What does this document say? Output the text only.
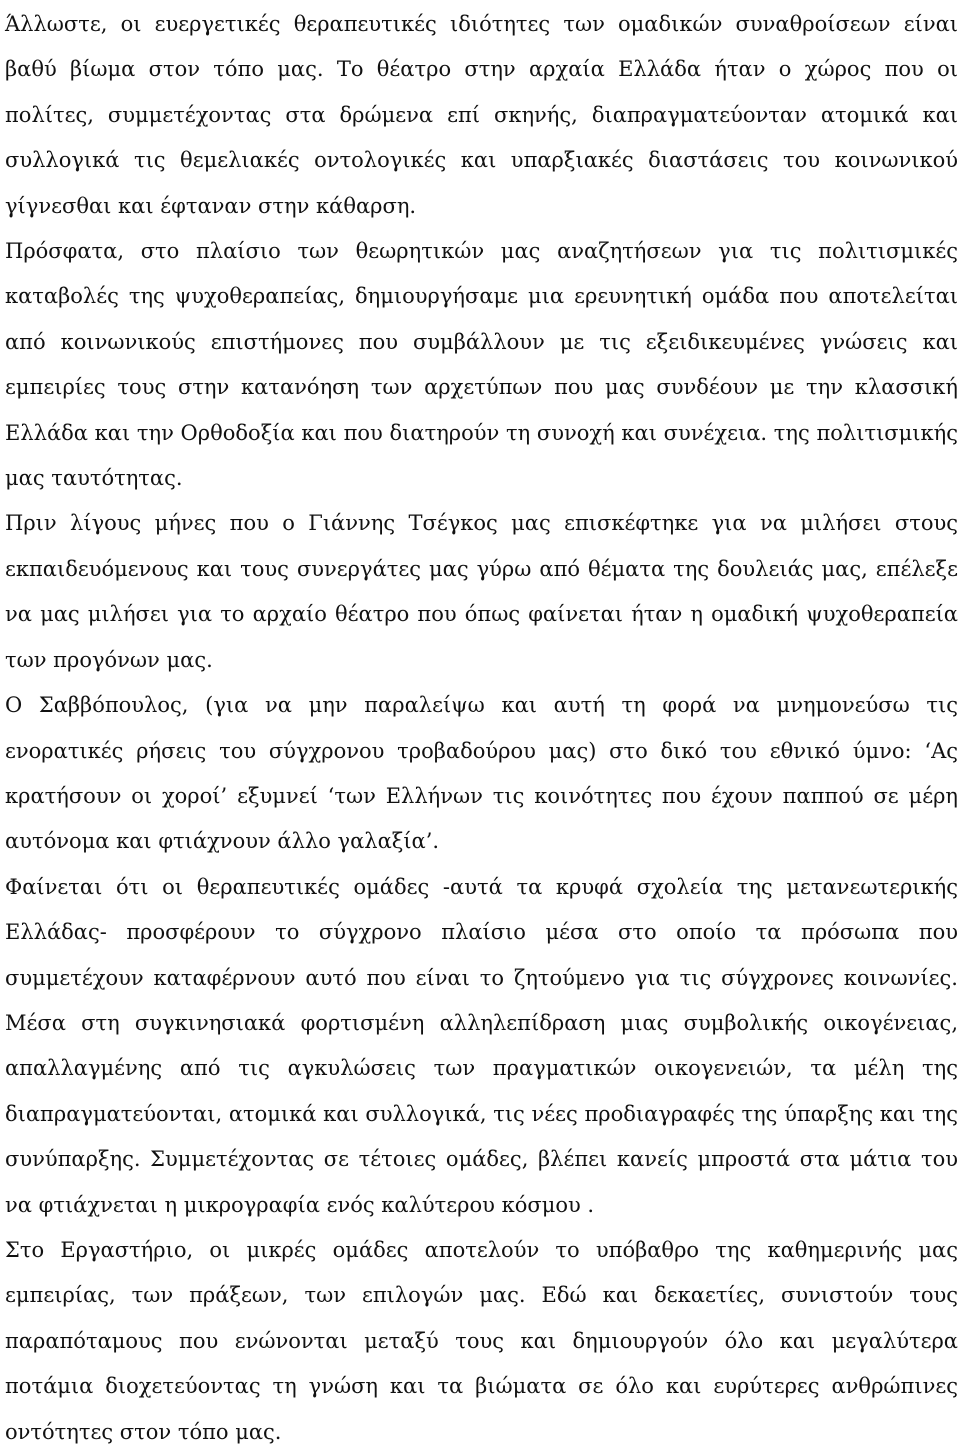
Άλλωστε, οι ευεργετικές θεραπευτικές ιδιότητες των ομαδικών συναθροίσεων είναι βαθύ βίωμα στον τόπο μας. Το θέατρο στην αρχαία Ελλάδα ήταν ο χώρος που οι πολίτες, συμμετέχοντας στα δρώμενα επί σκηνής, διαπραγματεύονταν ατομικά και συλλογικά τις θεμελιακές οντολογικές και υπαρξιακές διαστάσεις του κοινωνικού γίγνεσθαι και έφταναν στην κάθαρση.

Πρόσφατα, στο πλαίσιο των θεωρητικών μας αναζητήσεων για τις πολιτισμικές καταβολές της ψυχοθεραπείας, δημιουργήσαμε μια ερευνητική ομάδα που αποτελείται από κοινωνικούς επιστήμονες που συμβάλλουν με τις εξειδικευμένες γνώσεις και εμπειρίες τους στην κατανόηση των αρχετύπων που μας συνδέουν με την κλασσική Ελλάδα και την Ορθοδοξία και που διατηρούν τη συνοχή και συνέχεια. της πολιτισμικής μας ταυτότητας.

Πριν λίγους μήνες που ο Γιάννης Τσέγκος μας επισκέφτηκε για να μιλήσει στους εκπαιδευόμενους και τους συνεργάτες μας γύρω από θέματα της δουλειάς μας, επέλεξε να μας μιλήσει για το αρχαίο θέατρο που όπως φαίνεται ήταν η ομαδική ψυχοθεραπεία των προγόνων μας.

Ο Σαββόπουλος, (για να μην παραλείψω και αυτή τη φορά να μνημονεύσω τις ενορατικές ρήσεις του σύγχρονου τροβαδούρου μας) στο δικό του εθνικό ύμνο: ‘Ας κρατήσουν οι χοροί’ εξυμνεί ‘των Ελλήνων τις κοινότητες που έχουν παππού σε μέρη αυτόνομα και φτιάχνουν άλλο γαλαξία’.

Φαίνεται ότι οι θεραπευτικές ομάδες -αυτά τα κρυφά σχολεία της μετανεωτερικής Ελλάδας- προσφέρουν το σύγχρονο πλαίσιο μέσα στο οποίο τα πρόσωπα που συμμετέχουν καταφέρνουν αυτό που είναι το ζητούμενο για τις σύγχρονες κοινωνίες. Μέσα στη συγκινησιακά φορτισμένη αλληλεπίδραση μιας συμβολικής οικογένειας, απαλλαγμένης από τις αγκυλώσεις των πραγματικών οικογενειών, τα μέλη της διαπραγματεύονται, ατομικά και συλλογικά, τις νέες προδιαγραφές της ύπαρξης και της συνύπαρξης. Συμμετέχοντας σε τέτοιες ομάδες, βλέπει κανείς μπροστά στα μάτια του να φτιάχνεται η μικρογραφία ενός καλύτερου κόσμου .

Στο Εργαστήριο, οι μικρές ομάδες αποτελούν το υπόβαθρο της καθημερινής μας εμπειρίας, των πράξεων, των επιλογών μας. Εδώ και δεκαετίες, συνιστούν τους παραπόταμους που ενώνονται μεταξύ τους και δημιουργούν όλο και μεγαλύτερα ποτάμια διοχετεύοντας τη γνώση και τα βιώματα σε όλο και ευρύτερες ανθρώπινες οντότητες στον τόπο μας.
